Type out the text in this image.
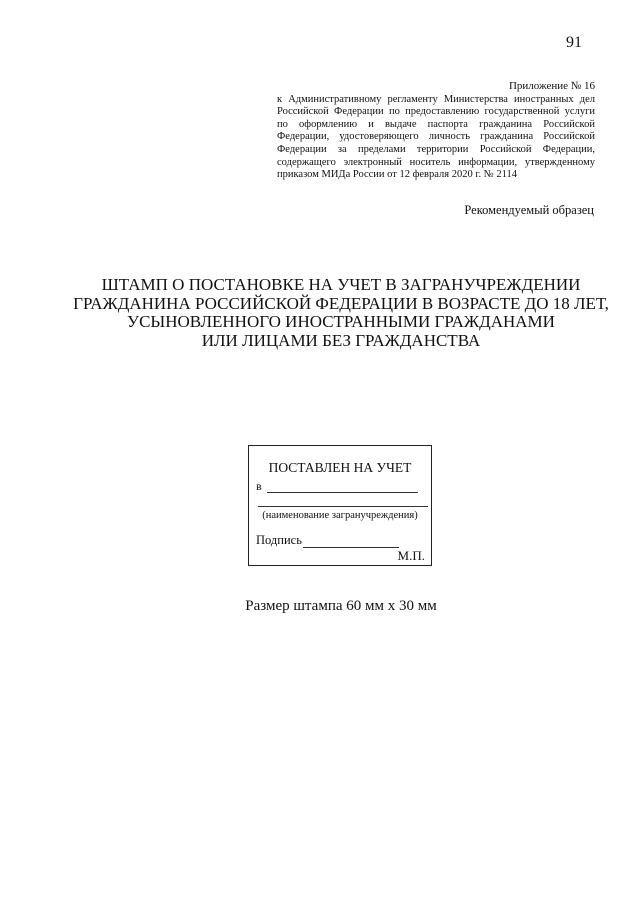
91
Приложение № 16
к Административному регламенту Министерства иностранных дел Российской Федерации по предоставлению государственной услуги по оформлению и выдаче паспорта гражданина Российской Федерации, удостоверяющего личность гражданина Российской Федерации за пределами территории Российской Федерации, содержащего электронный носитель информации, утвержденному приказом МИДа России от 12 февраля 2020 г. № 2114
Рекомендуемый образец
ШТАМП О ПОСТАНОВКЕ НА УЧЕТ В ЗАГРАНУЧРЕЖДЕНИИ
ГРАЖДАНИНА РОССИЙСКОЙ ФЕДЕРАЦИИ В ВОЗРАСТЕ ДО 18 ЛЕТ,
УСЫНОВЛЕННОГО ИНОСТРАННЫМИ ГРАЖДАНАМИ
ИЛИ ЛИЦАМИ БЕЗ ГРАЖДАНСТВА
ПОСТАВЛЕН НА УЧЕТ
в
(наименование загранучреждения)
Подпись
М.П.
Размер штампа 60 мм х 30 мм
